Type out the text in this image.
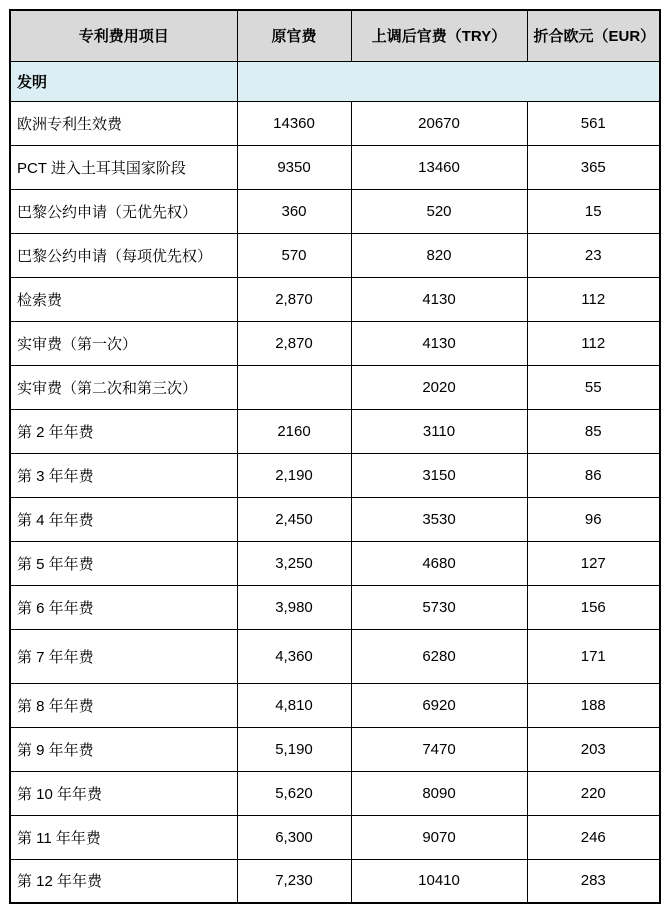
专利费用项目	原官费	上调后官费（TRY）	折合欧元（EUR）
发明			
欧洲专利生效费	14360	20670	561
PCT 进入土耳其国家阶段	9350	13460	365
巴黎公约申请（无优先权）	360	520	15
巴黎公约申请（每项优先权）	570	820	23
检索费	2,870	4130	112
实审费（第一次）	2,870	4130	112
实审费（第二次和第三次）		2020	55
第 2 年年费	2160	3110	85
第 3 年年费	2,190	3150	86
第 4 年年费	2,450	3530	96
第 5 年年费	3,250	4680	127
第 6 年年费	3,980	5730	156
第 7 年年费	4,360	6280	171
第 8 年年费	4,810	6920	188
第 9 年年费	5,190	7470	203
第 10 年年费	5,620	8090	220
第 11 年年费	6,300	9070	246
第 12 年年费	7,230	10410	283
